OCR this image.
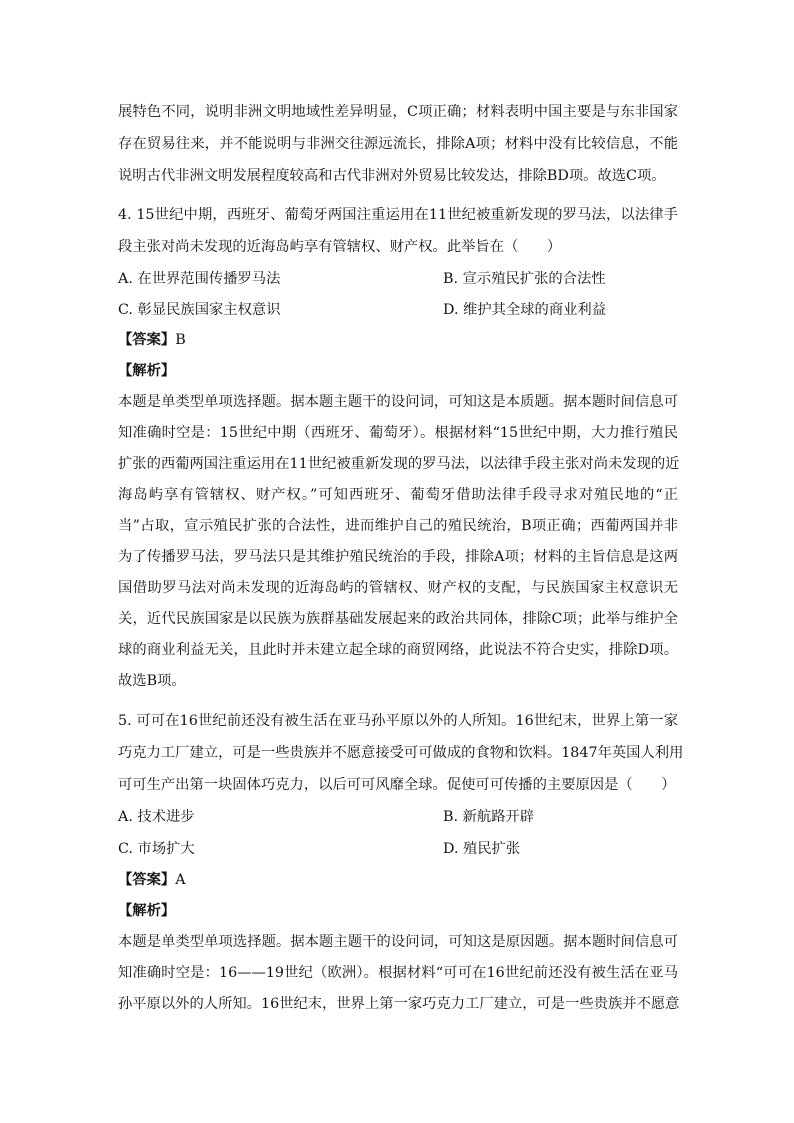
展特色不同，说明非洲文明地域性差异明显，C项正确；材料表明中国主要是与东非国家
存在贸易往来，并不能说明与非洲交往源远流长，排除A项；材料中没有比较信息，不能
说明古代非洲文明发展程度较高和古代非洲对外贸易比较发达，排除BD项。故选C项。
4. 15世纪中期，西班牙、葡萄牙两国注重运用在11世纪被重新发现的罗马法，以法律手
段主张对尚未发现的近海岛屿享有管辖权、财产权。此举旨在（　　）
A. 在世界范围传播罗马法	B. 宣示殖民扩张的合法性
C. 彰显民族国家主权意识	D. 维护其全球的商业利益
【答案】B
【解析】
本题是单类型单项选择题。据本题主题干的设问词，可知这是本质题。据本题时间信息可
知准确时空是：15世纪中期（西班牙、葡萄牙）。根据材料“15世纪中期，大力推行殖民
扩张的西葡两国注重运用在11世纪被重新发现的罗马法，以法律手段主张对尚未发现的近
海岛屿享有管辖权、财产权。”可知西班牙、葡萄牙借助法律手段寻求对殖民地的“正
当”占取，宣示殖民扩张的合法性，进而维护自己的殖民统治，B项正确；西葡两国并非
为了传播罗马法，罗马法只是其维护殖民统治的手段，排除A项；材料的主旨信息是这两
国借助罗马法对尚未发现的近海岛屿的管辖权、财产权的支配，与民族国家主权意识无
关，近代民族国家是以民族为族群基础发展起来的政治共同体，排除C项；此举与维护全
球的商业利益无关，且此时并未建立起全球的商贸网络，此说法不符合史实，排除D项。
故选B项。
5. 可可在16世纪前还没有被生活在亚马孙平原以外的人所知。16世纪末，世界上第一家
巧克力工厂建立，可是一些贵族并不愿意接受可可做成的食物和饮料。1847年英国人利用
可可生产出第一块固体巧克力，以后可可风靡全球。促使可可传播的主要原因是（　　）
A. 技术进步	B. 新航路开辟
C. 市场扩大	D. 殖民扩张
【答案】A
【解析】
本题是单类型单项选择题。据本题主题干的设问词，可知这是原因题。据本题时间信息可
知准确时空是：16——19世纪（欧洲）。根据材料“可可在16世纪前还没有被生活在亚马
孙平原以外的人所知。16世纪末，世界上第一家巧克力工厂建立，可是一些贵族并不愿意
